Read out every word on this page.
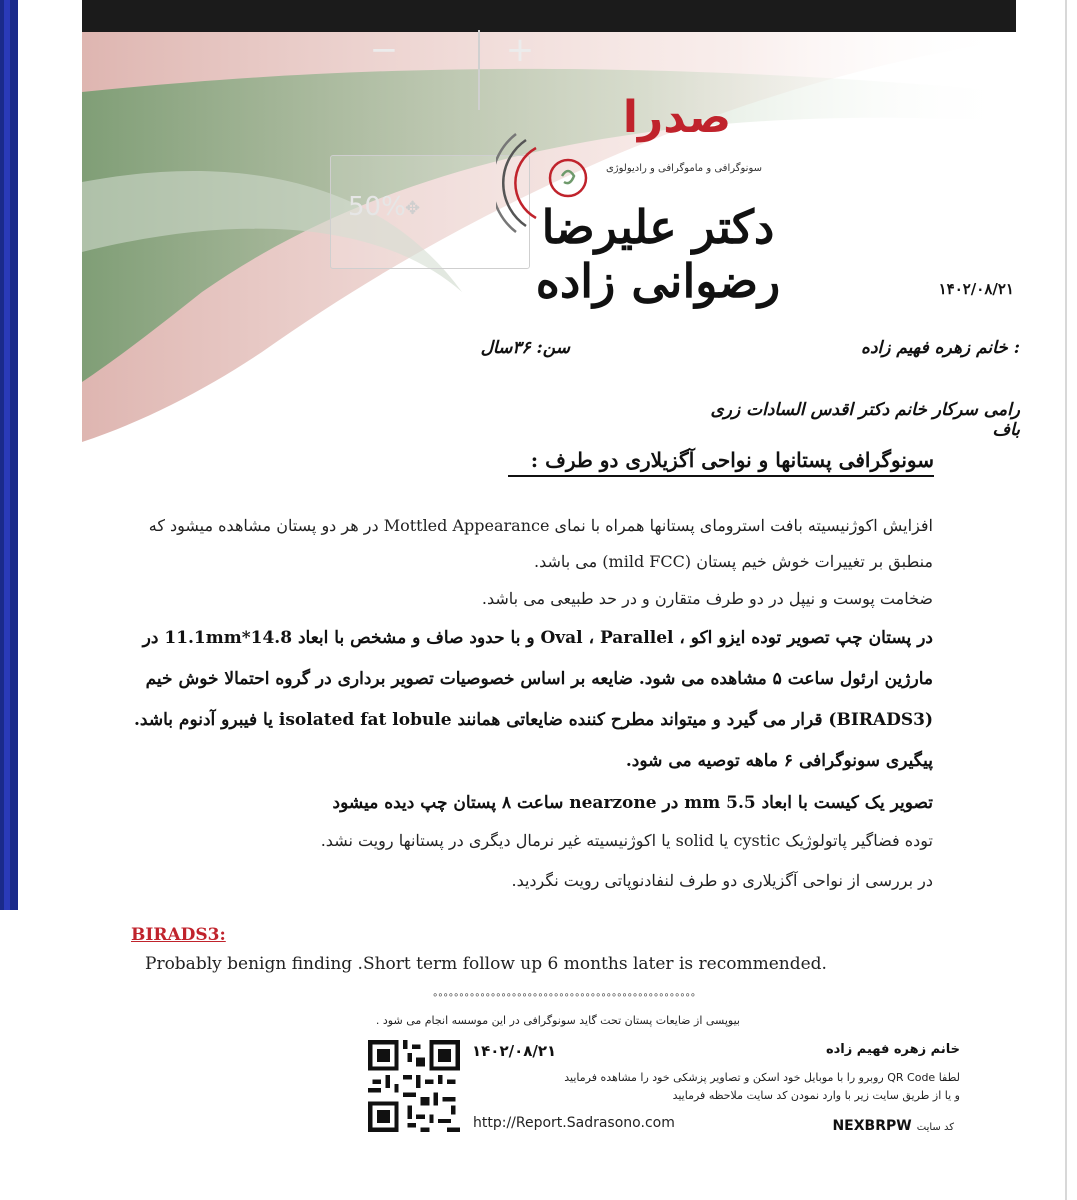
−	+
50% ✥
صدرا
سونوگرافی و ماموگرافی و رادیولوژی
دکتر علیرضا رضوانی زاده	۱۴۰۲/۰۸/۲۱
: خانم زهره فهیم زاده
سن: ۳۶سال
رامی سرکار خانم دکتر اقدس السادات زری باف
سونوگرافی پستانها و نواحی آگزیلاری دو طرف :
افزایش اکوژنیسیته بافت استرومای پستانها همراه با نمای Mottled Appearance در هر دو پستان مشاهده میشود که منطبق بر تغییرات خوش خیم پستان (mild FCC) می باشد.
ضخامت پوست و نیپل در دو طرف متقارن و در حد طبیعی می باشد.
در پستان چپ تصویر توده ایزو اکو ، Oval ، Parallel و با حدود صاف و مشخص با ابعاد 14.8*11.1mm در مارژین ارئول ساعت ۵ مشاهده می شود. ضایعه بر اساس خصوصیات تصویر برداری در گروه احتمالا خوش خیم (BIRADS3) قرار می گیرد و میتواند مطرح کننده ضایعاتی همانند isolated fat lobule یا فیبرو آدنوم باشد. پیگیری سونوگرافی ۶ ماهه توصیه می شود.
تصویر یک کیست با ابعاد 5.5 mm در nearzone ساعت ۸ پستان چپ دیده میشود
توده فضاگیر پاتولوژیک cystic یا solid یا اکوژنیسیته غیر نرمال دیگری در پستانها رویت نشد.
در بررسی از نواحی آگزیلاری دو طرف لنفادنوپاتی رویت نگردید.
BIRADS3:
Probably benign finding .Short term follow up 6 months later is recommended.
∘∘∘∘∘∘∘∘∘∘∘∘∘∘∘∘∘∘∘∘∘∘∘∘∘∘∘∘∘∘∘∘∘∘∘∘∘∘∘∘∘∘∘∘∘∘∘∘∘∘
بیوپسی از ضایعات پستان تحت گاید سونوگرافی در این موسسه انجام می شود .
۱۴۰۲/۰۸/۲۱	خانم زهره فهیم زاده
لطفا QR Code روبرو را با موبایل خود اسکن و تصاویر پزشکی خود را مشاهده فرمایید
و یا از طریق سایت زیر با وارد نمودن کد سایت ملاحظه فرمایید
http://Report.Sadrasono.com	کد سایت NEXBRPW
